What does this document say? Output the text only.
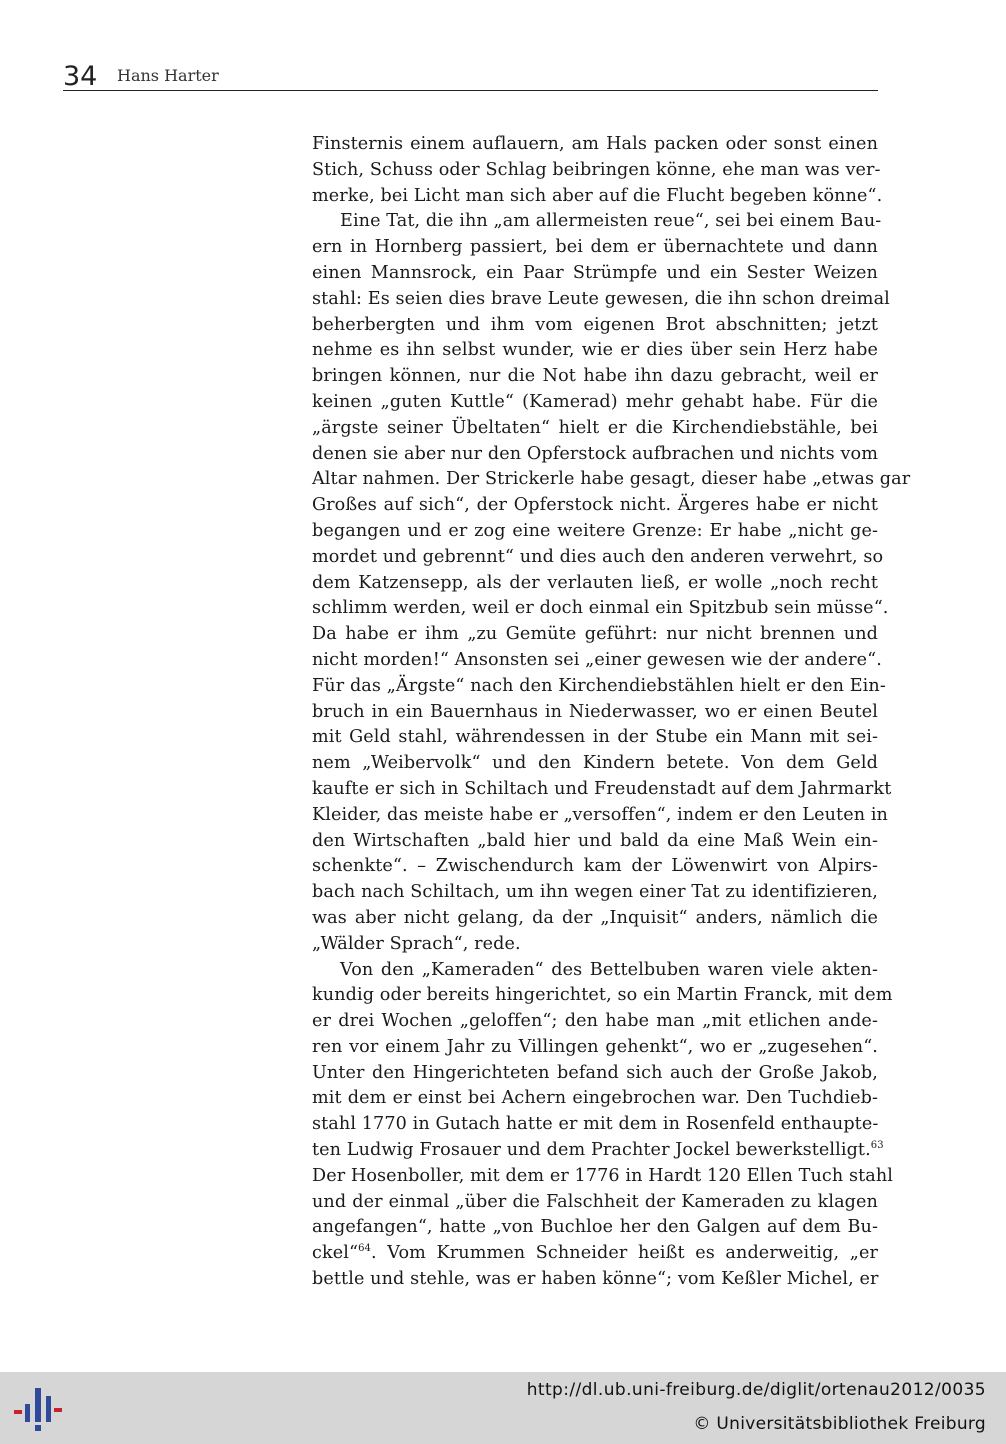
34 Hans Harter
Finsternis einem auflauern, am Hals packen oder sonst einen
Stich, Schuss oder Schlag beibringen könne, ehe man was ver-
merke, bei Licht man sich aber auf die Flucht begeben könne“.
Eine Tat, die ihn „am allermeisten reue“, sei bei einem Bau-
ern in Hornberg passiert, bei dem er übernachtete und dann
einen Mannsrock, ein Paar Strümpfe und ein Sester Weizen
stahl: Es seien dies brave Leute gewesen, die ihn schon dreimal
beherbergten und ihm vom eigenen Brot abschnitten; jetzt
nehme es ihn selbst wunder, wie er dies über sein Herz habe
bringen können, nur die Not habe ihn dazu gebracht, weil er
keinen „guten Kuttle“ (Kamerad) mehr gehabt habe. Für die
„ärgste seiner Übeltaten“ hielt er die Kirchendiebstähle, bei
denen sie aber nur den Opferstock aufbrachen und nichts vom
Altar nahmen. Der Strickerle habe gesagt, dieser habe „etwas gar
Großes auf sich“, der Opferstock nicht. Ärgeres habe er nicht
begangen und er zog eine weitere Grenze: Er habe „nicht ge-
mordet und gebrennt“ und dies auch den anderen verwehrt, so
dem Katzensepp, als der verlauten ließ, er wolle „noch recht
schlimm werden, weil er doch einmal ein Spitzbub sein müsse“.
Da habe er ihm „zu Gemüte geführt: nur nicht brennen und
nicht morden!“ Ansonsten sei „einer gewesen wie der andere“.
Für das „Ärgste“ nach den Kirchendiebstählen hielt er den Ein-
bruch in ein Bauernhaus in Niederwasser, wo er einen Beutel
mit Geld stahl, währendessen in der Stube ein Mann mit sei-
nem „Weibervolk“ und den Kindern betete. Von dem Geld
kaufte er sich in Schiltach und Freudenstadt auf dem Jahrmarkt
Kleider, das meiste habe er „versoffen“, indem er den Leuten in
den Wirtschaften „bald hier und bald da eine Maß Wein ein-
schenkte“. – Zwischendurch kam der Löwenwirt von Alpirs-
bach nach Schiltach, um ihn wegen einer Tat zu identifizieren,
was aber nicht gelang, da der „Inquisit“ anders, nämlich die
„Wälder Sprach“, rede.
Von den „Kameraden“ des Bettelbuben waren viele akten-
kundig oder bereits hingerichtet, so ein Martin Franck, mit dem
er drei Wochen „geloffen“; den habe man „mit etlichen ande-
ren vor einem Jahr zu Villingen gehenkt“, wo er „zugesehen“.
Unter den Hingerichteten befand sich auch der Große Jakob,
mit dem er einst bei Achern eingebrochen war. Den Tuchdieb-
stahl 1770 in Gutach hatte er mit dem in Rosenfeld enthaupte-
ten Ludwig Frosauer und dem Prachter Jockel bewerkstelligt.$^{63}$
Der Hosenboller, mit dem er 1776 in Hardt 120 Ellen Tuch stahl
und der einmal „über die Falschheit der Kameraden zu klagen
angefangen“, hatte „von Buchloe her den Galgen auf dem Bu-
ckel“$^{64}$. Vom Krummen Schneider heißt es anderweitig, „er
bettle und stehle, was er haben könne“; vom Keßler Michel, er
http://dl.ub.uni-freiburg.de/diglit/ortenau2012/0035
© Universitätsbibliothek Freiburg
